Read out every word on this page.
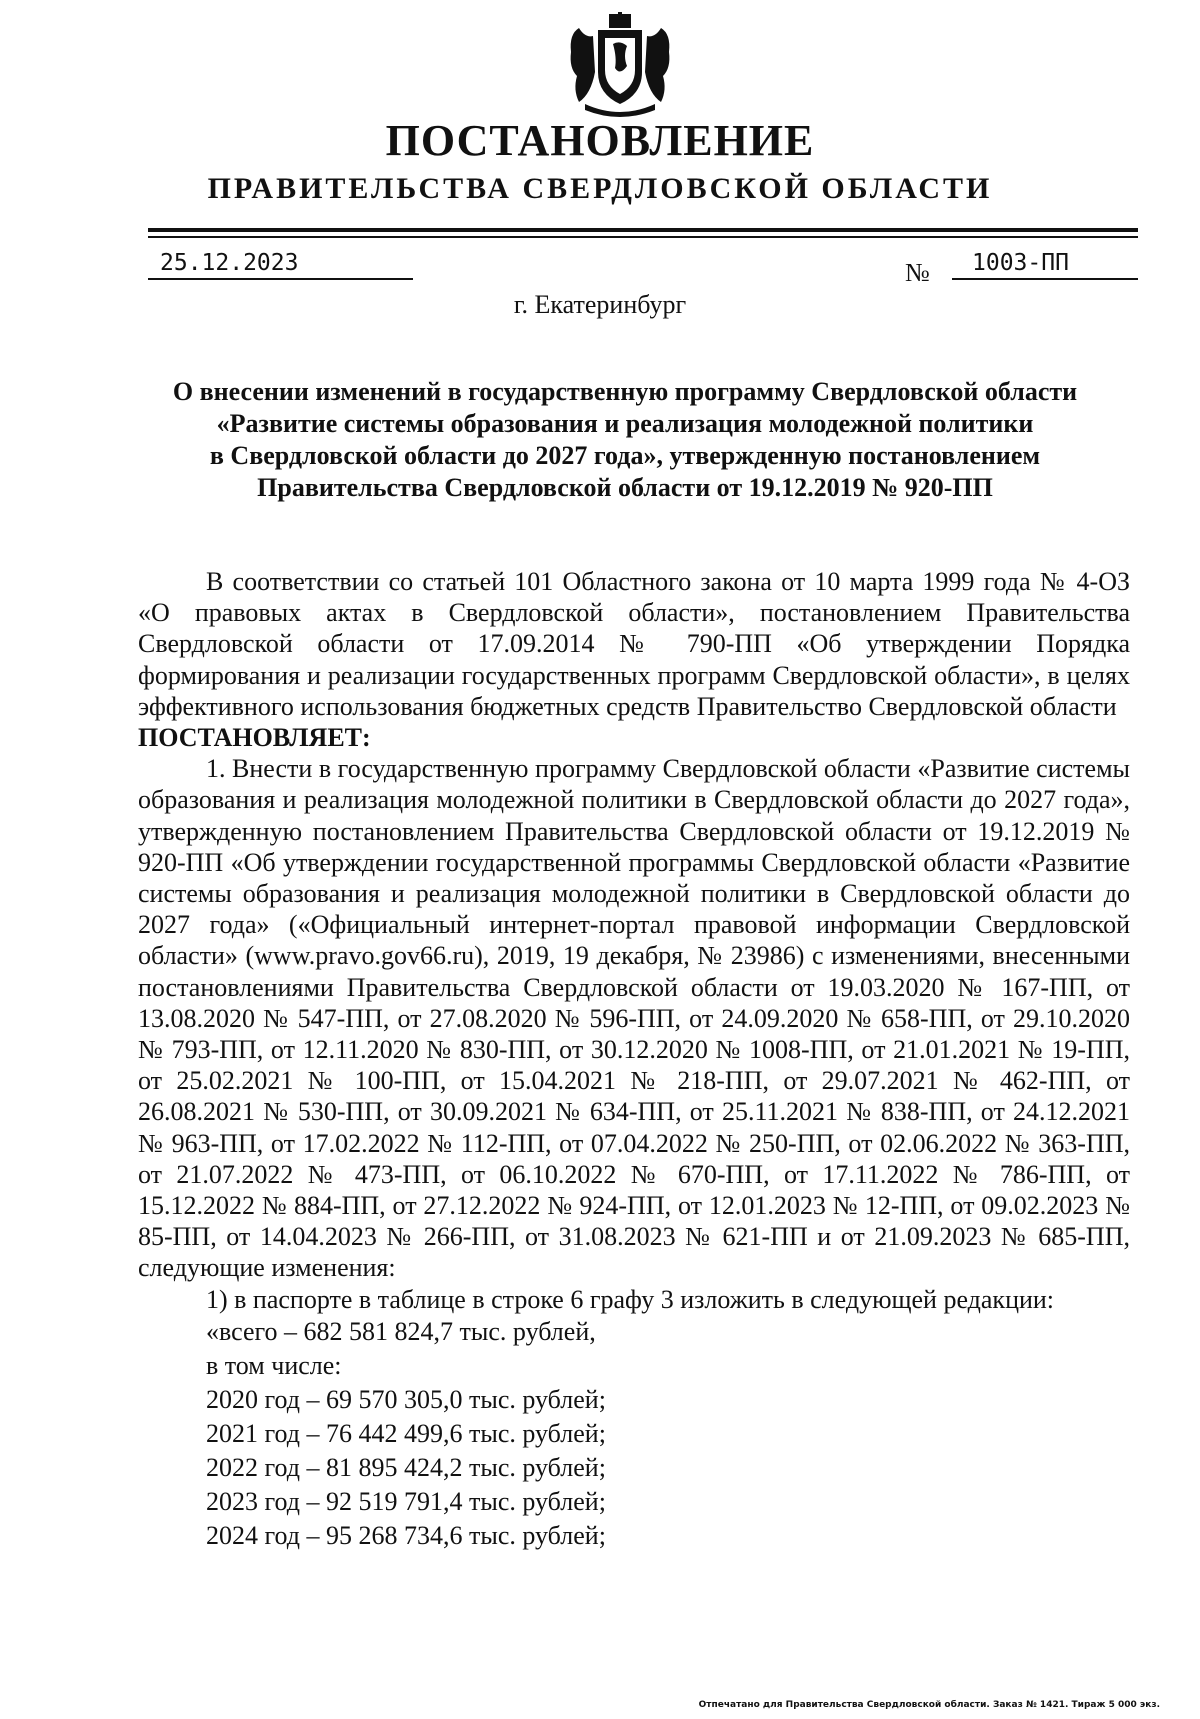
ПОСТАНОВЛЕНИЕ
ПРАВИТЕЛЬСТВА СВЕРДЛОВСКОЙ ОБЛАСТИ
25.12.2023	№	1003-ПП
г. Екатеринбург
О внесении изменений в государственную программу Свердловской области
«Развитие системы образования и реализация молодежной политики
в Свердловской области до 2027 года», утвержденную постановлением
Правительства Свердловской области от 19.12.2019 № 920-ПП

В соответствии со статьей 101 Областного закона от 10 марта 1999 года № 4-ОЗ «О правовых актах в Свердловской области», постановлением Правительства Свердловской области от 17.09.2014 № 790-ПП «Об утверждении Порядка формирования и реализации государственных программ Свердловской области», в целях эффективного использования бюджетных средств Правительство Свердловской области

ПОСТАНОВЛЯЕТ:

1. Внести в государственную программу Свердловской области «Развитие системы образования и реализация молодежной политики в Свердловской области до 2027 года», утвержденную постановлением Правительства Свердловской области от 19.12.2019 № 920-ПП «Об утверждении государственной программы Свердловской области «Развитие системы образования и реализация молодежной политики в Свердловской области до 2027 года» («Официальный интернет-портал правовой информации Свердловской области» (www.pravo.gov66.ru), 2019, 19 декабря, № 23986) с изменениями, внесенными постановлениями Правительства Свердловской области от 19.03.2020 № 167-ПП, от 13.08.2020 № 547-ПП, от 27.08.2020 № 596-ПП, от 24.09.2020 № 658-ПП, от 29.10.2020 № 793-ПП, от 12.11.2020 № 830-ПП, от 30.12.2020 № 1008-ПП, от 21.01.2021 № 19-ПП, от 25.02.2021 № 100-ПП, от 15.04.2021 № 218-ПП, от 29.07.2021 № 462-ПП, от 26.08.2021 № 530-ПП, от 30.09.2021 № 634-ПП, от 25.11.2021 № 838-ПП, от 24.12.2021 № 963-ПП, от 17.02.2022 № 112-ПП, от 07.04.2022 № 250-ПП, от 02.06.2022 № 363-ПП, от 21.07.2022 № 473-ПП, от 06.10.2022 № 670-ПП, от 17.11.2022 № 786-ПП, от 15.12.2022 № 884-ПП, от 27.12.2022 № 924-ПП, от 12.01.2023 № 12-ПП, от 09.02.2023 № 85-ПП, от 14.04.2023 № 266-ПП, от 31.08.2023 № 621-ПП и от 21.09.2023 № 685-ПП, следующие изменения:

1) в паспорте в таблице в строке 6 графу 3 изложить в следующей редакции:
«всего – 682 581 824,7 тыс. рублей,
в том числе:
2020 год – 69 570 305,0 тыс. рублей;
2021 год – 76 442 499,6 тыс. рублей;
2022 год – 81 895 424,2 тыс. рублей;
2023 год – 92 519 791,4 тыс. рублей;
2024 год – 95 268 734,6 тыс. рублей;
Отпечатано для Правительства Свердловской области. Заказ № 1421. Тираж 5 000 экз.
